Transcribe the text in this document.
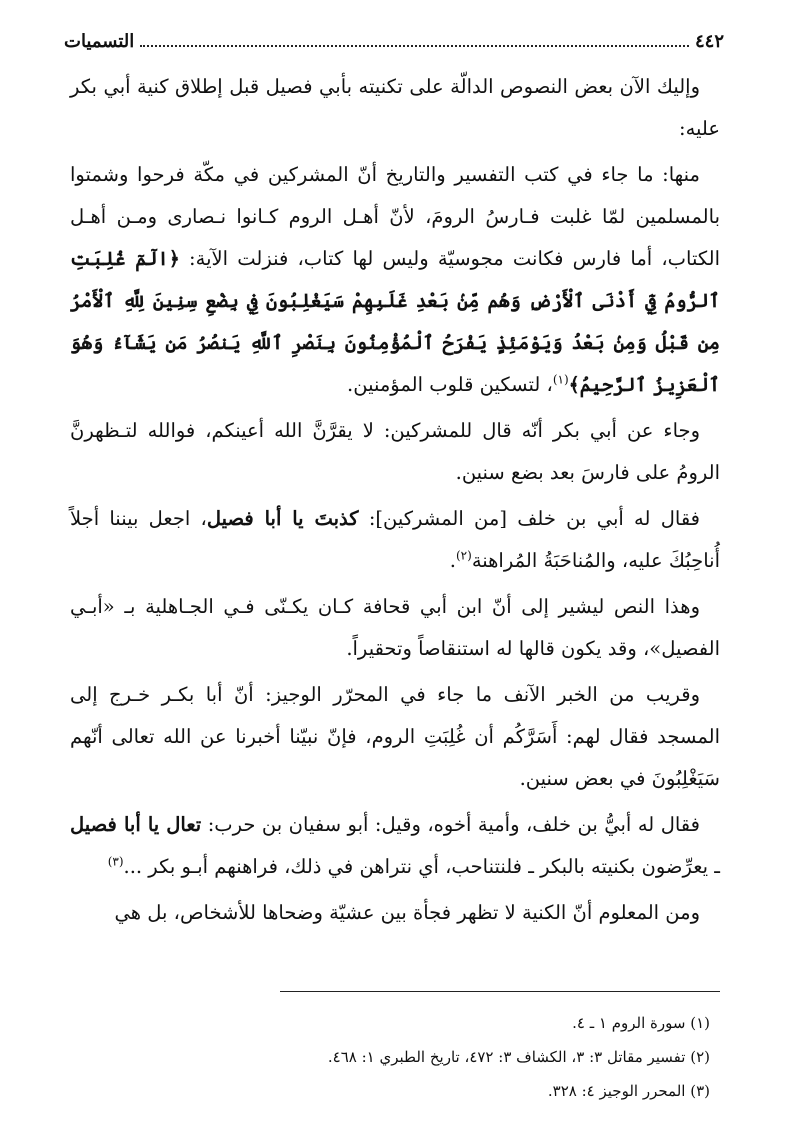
٤٤٢
التسميات

وإليك الآن بعض النصوص الدالّة على تكنيته بأبي فصيل قبل إطلاق كنية أبي بكر عليه:

منها: ما جاء في كتب التفسير والتاريخ أنّ المشركين في مكّة فرحوا وشمتوا بالمسلمين لمّا غلبت فـارسُ الرومَ، لأنّ أهـل الروم كـانوا نـصارى ومـن أهـل الكتاب، أما فارس فكانت مجوسيّة وليس لها كتاب، فنزلت الآية: ﴿الٓمٓ غُلِبَتِ ٱلرُّومُ فِيٓ أَدْنَى ٱلْأَرْضِ وَهُم مِّنۢ بَعْدِ غَلَبِهِمْ سَيَغْلِبُونَ فِي بِضْعِ سِنِينَ لِلَّهِ ٱلْأَمْرُ مِن قَبْلُ وَمِنۢ بَعْدُ وَيَوْمَئِذٍ يَفْرَحُ ٱلْمُؤْمِنُونَ بِنَصْرِ ٱللَّهِ يَنصُرُ مَن يَشَآءُ وَهُوَ ٱلْعَزِيزُ ٱلرَّحِيمُ﴾$^{(١)}$، لتسكين قلوب المؤمنين.

وجاء عن أبي بكر أنّه قال للمشركين: لا يقرَّنَّ الله أعينكم، فوالله لتـظهرنَّ الرومُ على فارسَ بعد بضع سنين.

فقال له أبي بن خلف [من المشركين]: كذبتَ يا أبا فصيل، اجعل بيننا أجلاً أُناحِبُكَ عليه، والمُناحَبَةُ المُراهنة$^{(٢)}$.

وهذا النص ليشير إلى أنّ ابن أبي قحافة كـان يكـنّى فـي الجـاهلية بـ «أبـي الفصيل»، وقد يكون قالها له استنقاصاً وتحقيراً.

وقريب من الخبر الآنف ما جاء في المحرّر الوجيز: أنّ أبا بكـر خـرج إلى المسجد فقال لهم: أَسَرَّكُم أن غُلِبَتِ الروم، فإنّ نبيّنا أخبرنا عن الله تعالى أنّهم سَيَغْلِبُونَ في بعض سنين.

فقال له أبيُّ بن خلف، وأمية أخوه، وقيل: أبو سفيان بن حرب: تعال يا أبا فصيل ـ يعرِّضون بكنيته بالبكر ـ فلنتناحب، أي نتراهن في ذلك، فراهنهم أبـو بكر ...$^{(٣)}$

ومن المعلوم أنّ الكنية لا تظهر فجأة بين عشيّة وضحاها للأشخاص، بل هي

(١) سورة الروم ١ ـ ٤.
(٢) تفسير مقاتل ٣: ٣، الكشاف ٣: ٤٧٢، تاريخ الطبري ١: ٤٦٨.
(٣) المحرر الوجيز ٤: ٣٢٨.
